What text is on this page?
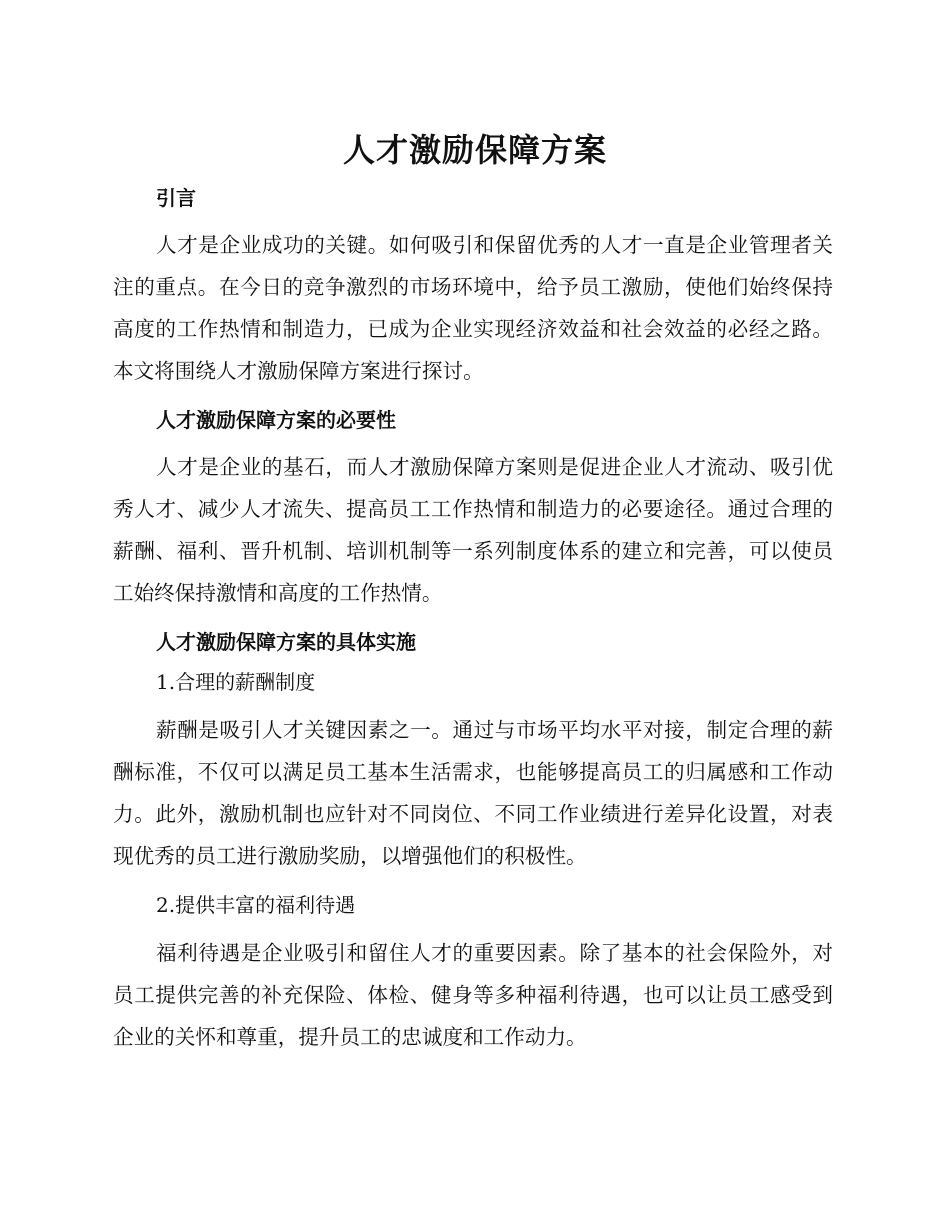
人才激励保障方案
引言

人才是企业成功的关键。如何吸引和保留优秀的人才一直是企业管理者关注的重点。在今日的竞争激烈的市场环境中，给予员工激励，使他们始终保持高度的工作热情和制造力，已成为企业实现经济效益和社会效益的必经之路。本文将围绕人才激励保障方案进行探讨。

人才激励保障方案的必要性

人才是企业的基石，而人才激励保障方案则是促进企业人才流动、吸引优秀人才、减少人才流失、提高员工工作热情和制造力的必要途径。通过合理的薪酬、福利、晋升机制、培训机制等一系列制度体系的建立和完善，可以使员工始终保持激情和高度的工作热情。

人才激励保障方案的具体实施
1.合理的薪酬制度

薪酬是吸引人才关键因素之一。通过与市场平均水平对接，制定合理的薪酬标准，不仅可以满足员工基本生活需求，也能够提高员工的归属感和工作动力。此外，激励机制也应针对不同岗位、不同工作业绩进行差异化设置，对表现优秀的员工进行激励奖励，以增强他们的积极性。

2.提供丰富的福利待遇

福利待遇是企业吸引和留住人才的重要因素。除了基本的社会保险外，对员工提供完善的补充保险、体检、健身等多种福利待遇，也可以让员工感受到企业的关怀和尊重，提升员工的忠诚度和工作动力。
